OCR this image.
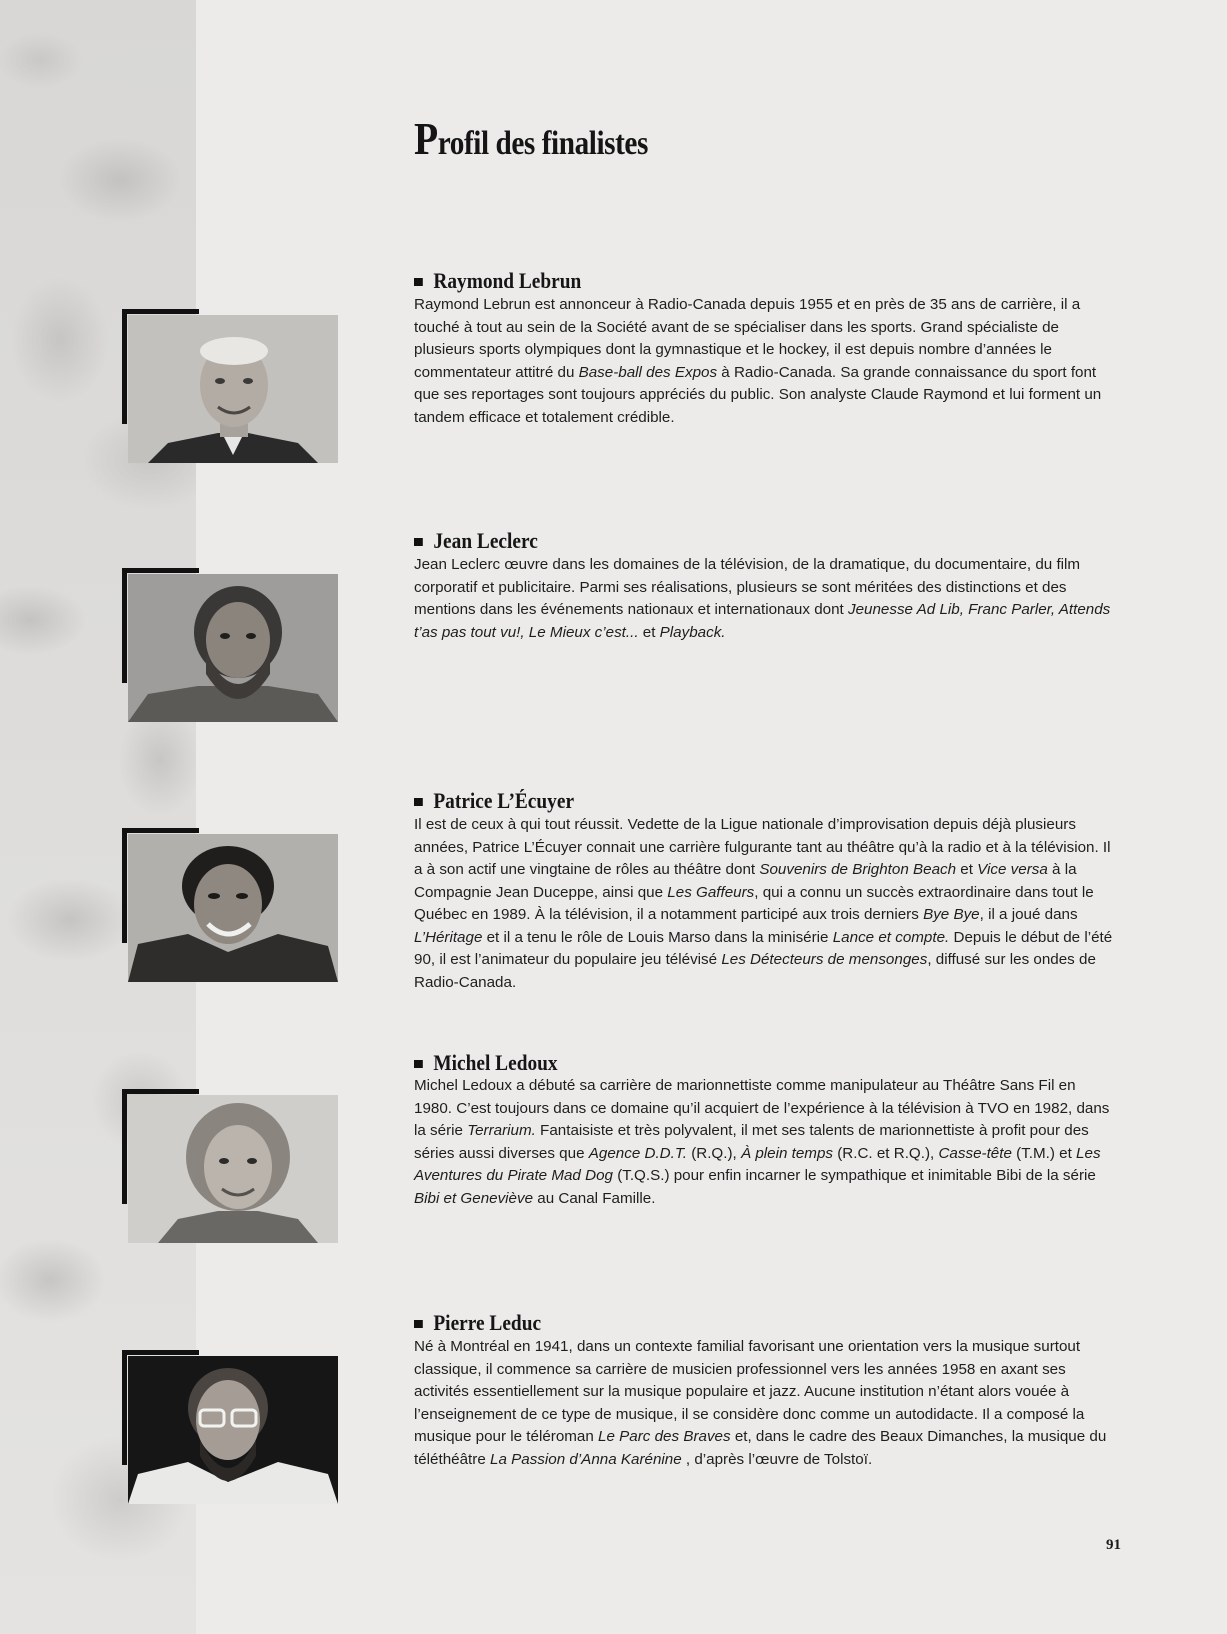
Profil des finalistes
Raymond Lebrun

Raymond Lebrun est annonceur à Radio-Canada depuis 1955 et en près de 35 ans de carrière, il a touché à tout au sein de la Société avant de se spécialiser dans les sports. Grand spécialiste de plusieurs sports olympiques dont la gymnastique et le hockey, il est depuis nombre d’années le commentateur attitré du Base-ball des Expos à Radio-Canada. Sa grande connaissance du sport font que ses reportages sont toujours appréciés du public. Son analyste Claude Raymond et lui forment un tandem efficace et totalement crédible.

Jean Leclerc

Jean Leclerc œuvre dans les domaines de la télévision, de la dramatique, du documentaire, du film corporatif et publicitaire. Parmi ses réalisations, plusieurs se sont méritées des distinctions et des mentions dans les événements nationaux et internationaux dont Jeunesse Ad Lib, Franc Parler, Attends t’as pas tout vu!, Le Mieux c’est... et Playback.

Patrice L’Écuyer

Il est de ceux à qui tout réussit. Vedette de la Ligue nationale d’improvisation depuis déjà plusieurs années, Patrice L’Écuyer connait une carrière fulgurante tant au théâtre qu’à la radio et à la télévision. Il a à son actif une vingtaine de rôles au théâtre dont Souvenirs de Brighton Beach et Vice versa à la Compagnie Jean Duceppe, ainsi que Les Gaffeurs, qui a connu un succès extraordinaire dans tout le Québec en 1989. À la télévision, il a notamment participé aux trois derniers Bye Bye, il a joué dans L’Héritage et il a tenu le rôle de Louis Marso dans la minisérie Lance et compte. Depuis le début de l’été 90, il est l’animateur du populaire jeu télévisé Les Détecteurs de mensonges, diffusé sur les ondes de Radio-Canada.

Michel Ledoux

Michel Ledoux a débuté sa carrière de marionnettiste comme manipulateur au Théâtre Sans Fil en 1980. C’est toujours dans ce domaine qu’il acquiert de l’expérience à la télévision à TVO en 1982, dans la série Terrarium. Fantaisiste et très polyvalent, il met ses talents de marionnettiste à profit pour des séries aussi diverses que Agence D.D.T. (R.Q.), À plein temps (R.C. et R.Q.), Casse-tête (T.M.) et Les Aventures du Pirate Mad Dog (T.Q.S.) pour enfin incarner le sympathique et inimitable Bibi de la série Bibi et Geneviève au Canal Famille.

Pierre Leduc

Né à Montréal en 1941, dans un contexte familial favorisant une orientation vers la musique surtout classique, il commence sa carrière de musicien professionnel vers les années 1958 en axant ses activités essentiellement sur la musique populaire et jazz. Aucune institution n’étant alors vouée à l’enseignement de ce type de musique, il se considère donc comme un autodidacte. Il a composé la musique pour le téléroman Le Parc des Braves et, dans le cadre des Beaux Dimanches, la musique du téléthéâtre La Passion d’Anna Karénine , d’après l’œuvre de Tolstoï.

91
